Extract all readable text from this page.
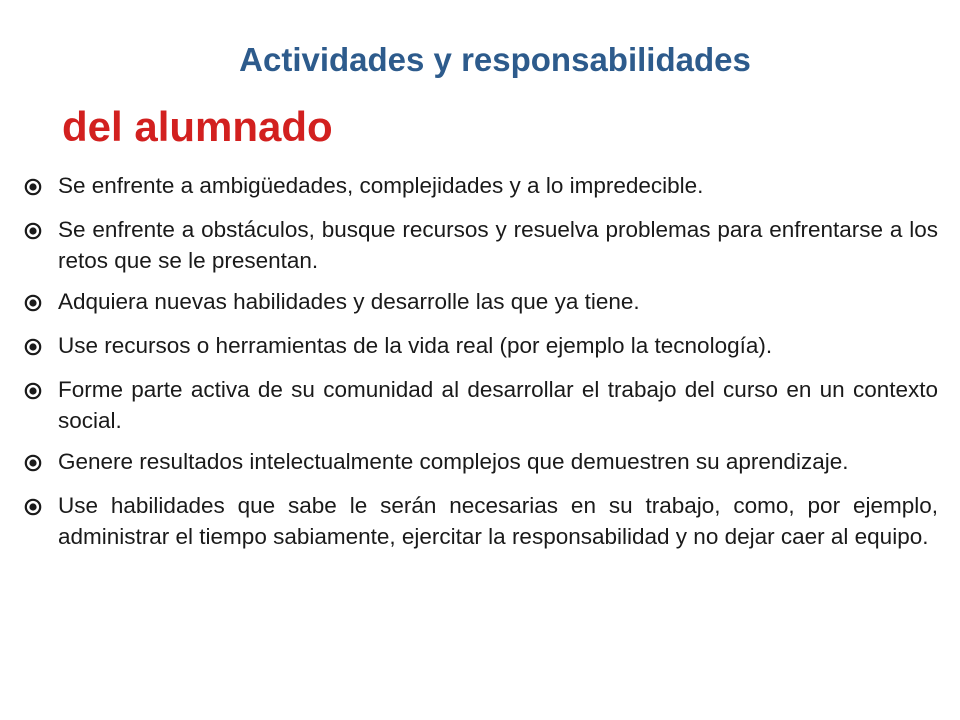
Actividades y responsabilidades
del alumnado
Se enfrente a ambigüedades, complejidades y a lo impredecible.
Se enfrente a obstáculos, busque recursos y resuelva problemas para enfrentarse a los retos que se le presentan.
Adquiera nuevas habilidades y desarrolle las que ya tiene.
Use recursos o herramientas de la vida real (por ejemplo la tecnología).
Forme parte activa de su comunidad al desarrollar el trabajo del curso en un contexto social.
Genere resultados intelectualmente complejos que demuestren su aprendizaje.
Use habilidades que sabe le serán necesarias en su trabajo, como, por ejemplo, administrar el tiempo sabiamente, ejercitar la responsabilidad y no dejar caer al equipo.
